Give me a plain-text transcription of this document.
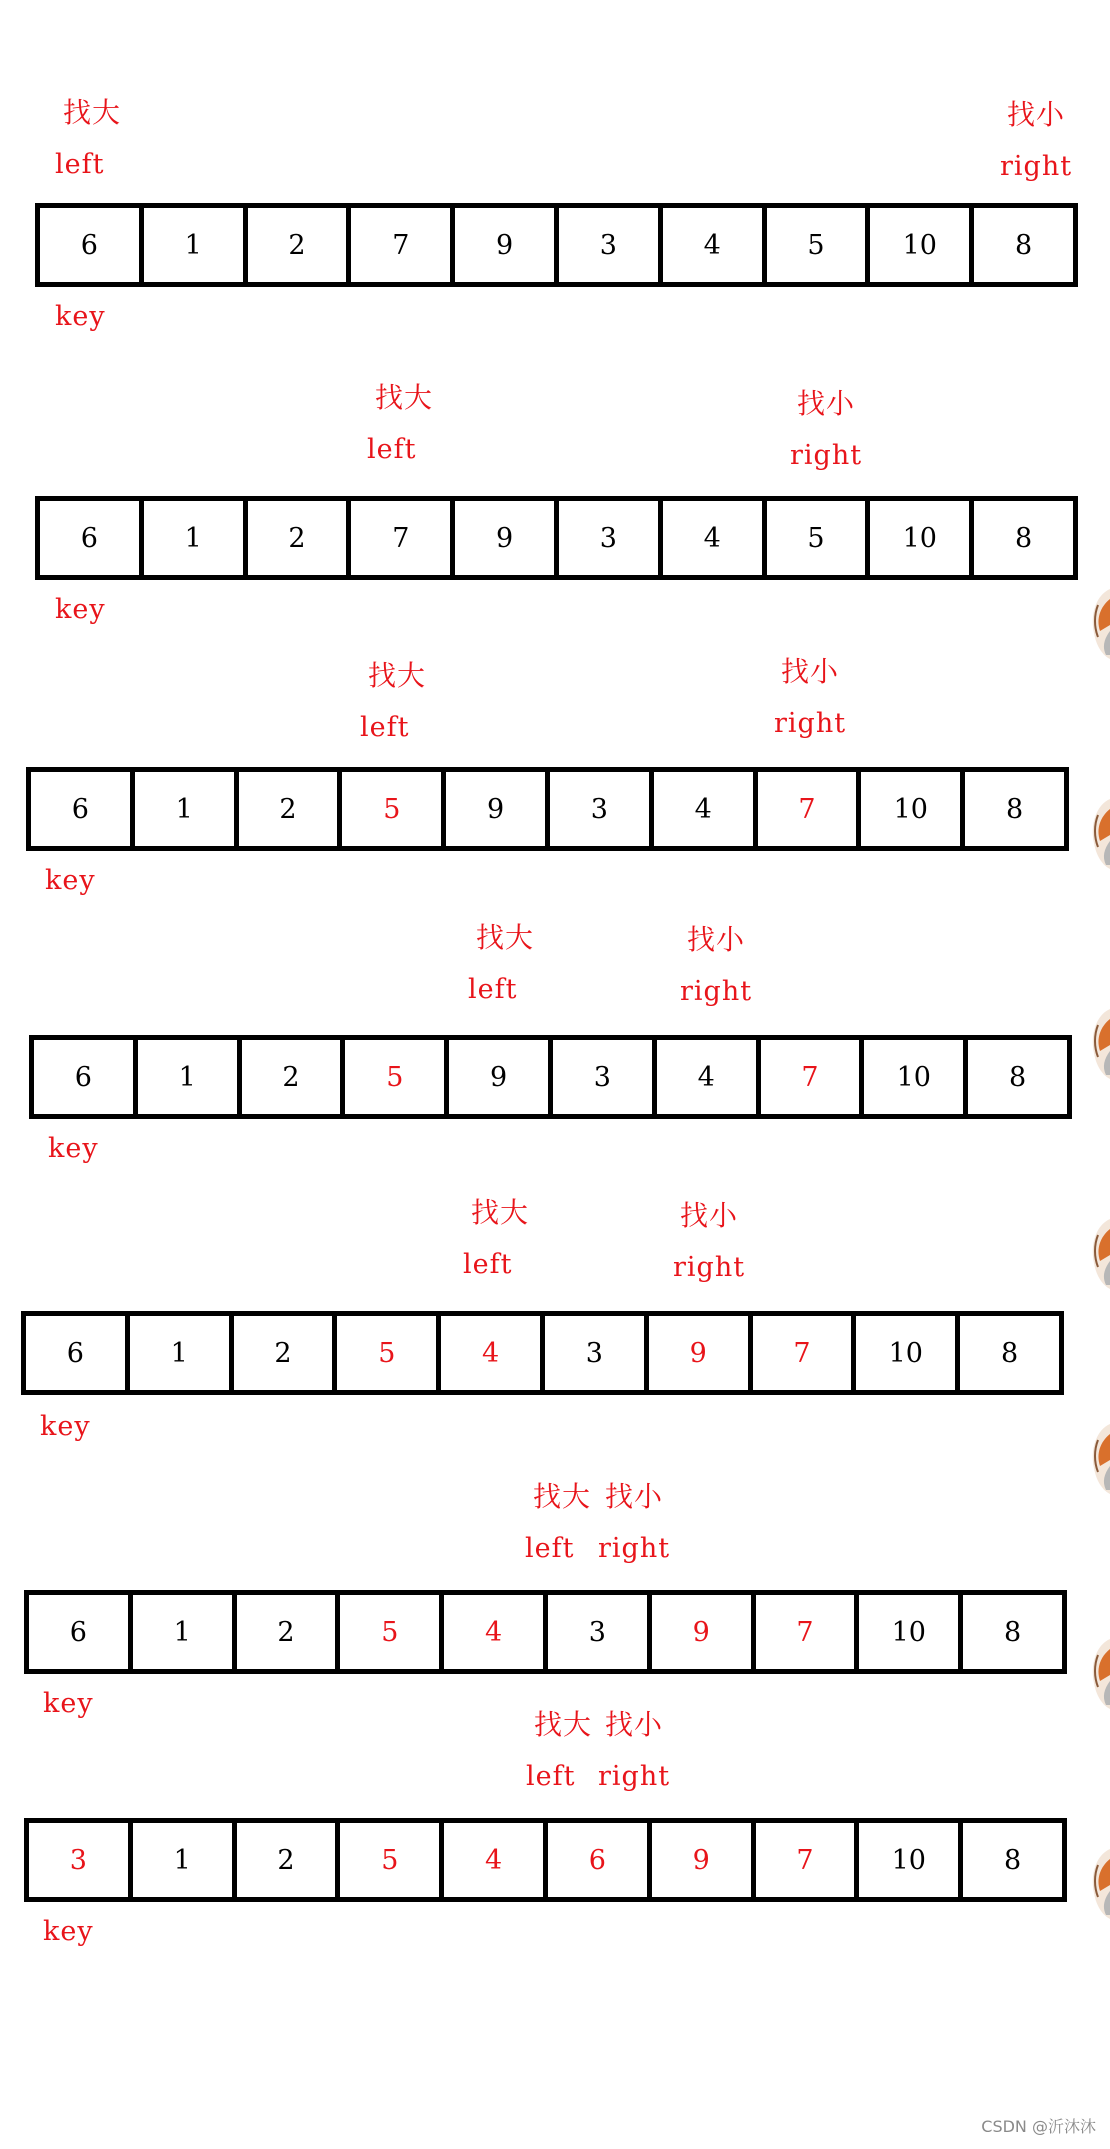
找大
left
找小
right
6	1	2	7	9	3	4	5	10	8
key
找大
left
找小
right
6	1	2	7	9	3	4	5	10	8
key
找大
left
找小
right
6	1	2	5	9	3	4	7	10	8
key
找大
left
找小
right
6	1	2	5	9	3	4	7	10	8
key
找大
left
找小
right
6	1	2	5	4	3	9	7	10	8
key
找大
left
找小
right
6	1	2	5	4	3	9	7	10	8
key
找大
left
找小
right
3	1	2	5	4	6	9	7	10	8
key
CSDN @沂沐沐
